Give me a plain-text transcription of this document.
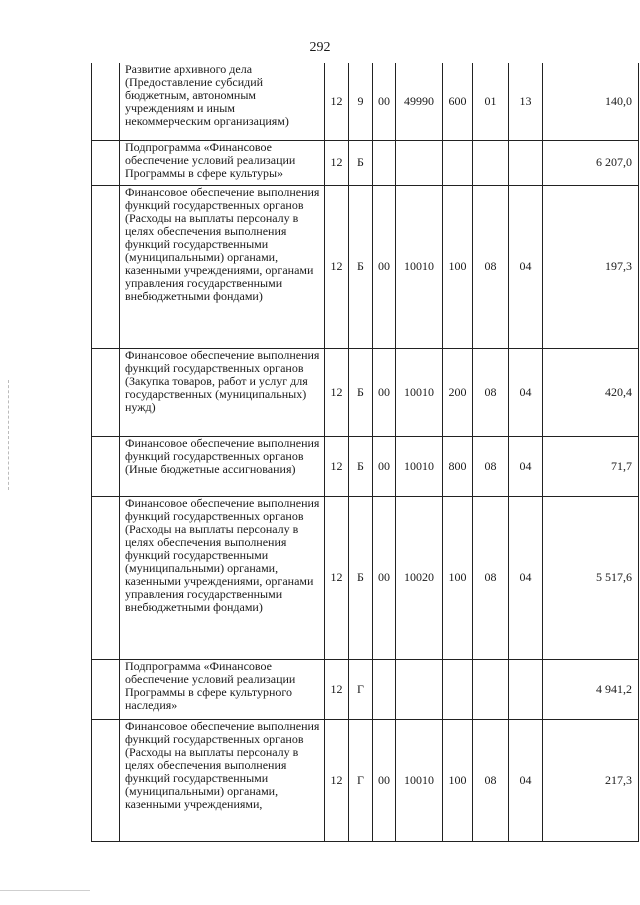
292
	Развитие архивного дела (Предоставление субсидий бюджетным, автономным учреждениям и иным некоммерческим организациям)	12	9	00	49990	600	01	13	140,0
	Подпрограмма «Финансовое обеспечение условий реализации Программы в сфере культуры»	12	Б						6 207,0
	Финансовое обеспечение выполнения функций государственных органов (Расходы на выплаты персоналу в целях обеспечения выполнения функций государственными (муниципальными) органами, казенными учреждениями, органами управления государственными внебюджетными фондами)	12	Б	00	10010	100	08	04	197,3
	Финансовое обеспечение выполнения функций государственных органов (Закупка товаров, работ и услуг для государственных (муниципальных) нужд)	12	Б	00	10010	200	08	04	420,4
	Финансовое обеспечение выполнения функций государственных органов (Иные бюджетные ассигнования)	12	Б	00	10010	800	08	04	71,7
	Финансовое обеспечение выполнения функций государственных органов (Расходы на выплаты персоналу в целях обеспечения выполнения функций государственными (муниципальными) органами, казенными учреждениями, органами управления государственными внебюджетными фондами)	12	Б	00	10020	100	08	04	5 517,6
	Подпрограмма «Финансовое обеспечение условий реализации Программы в сфере культурного наследия»	12	Г						4 941,2
	Финансовое обеспечение выполнения функций государственных органов (Расходы на выплаты персоналу в целях обеспечения выполнения функций государственными (муниципальными) органами, казенными учреждениями,	12	Г	00	10010	100	08	04	217,3
